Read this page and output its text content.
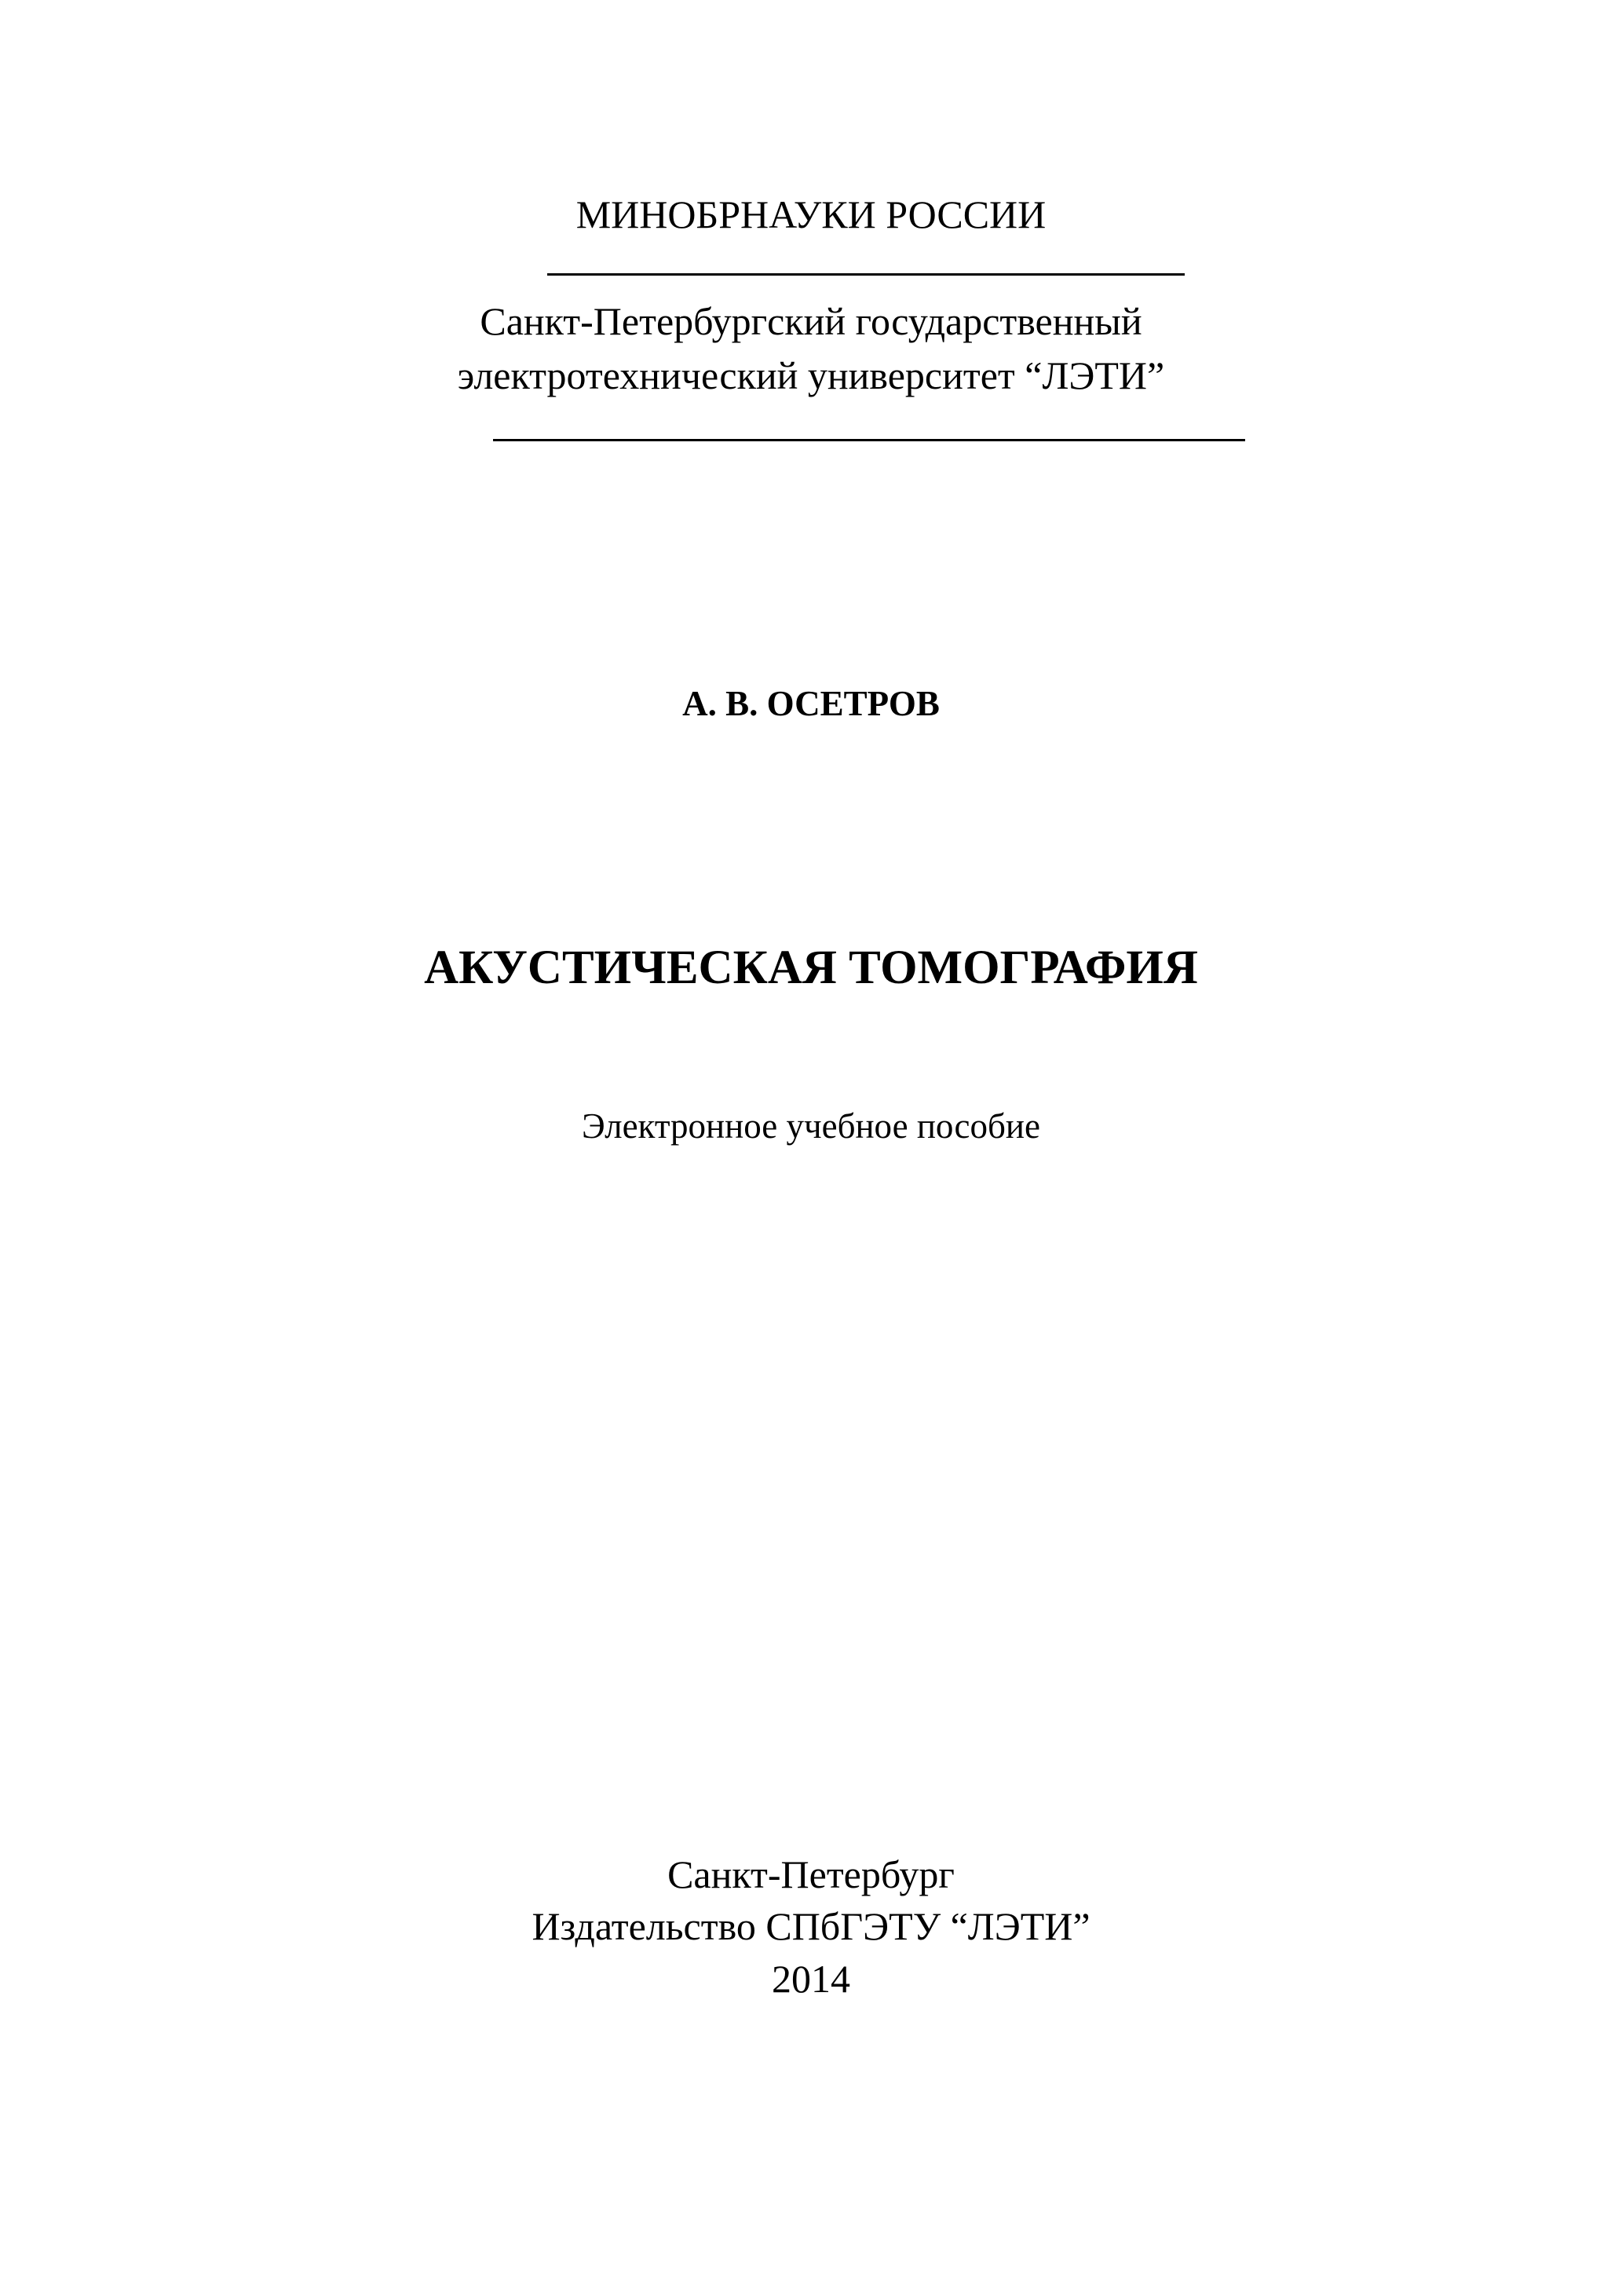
МИНОБРНАУКИ РОССИИ
Санкт-Петербургский государственный
электротехнический университет “ЛЭТИ”
А. В. ОСЕТРОВ
АКУСТИЧЕСКАЯ ТОМОГРАФИЯ
Электронное учебное пособие
Санкт-Петербург
Издательство СПбГЭТУ “ЛЭТИ”
2014
